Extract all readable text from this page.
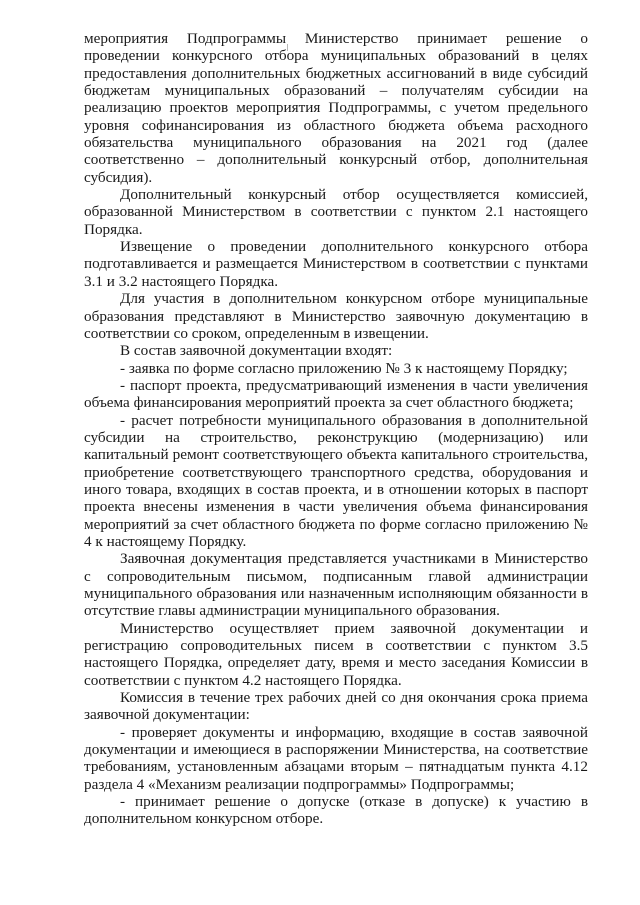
мероприятия Подпрограммы Министерство принимает решение о проведении конкурсного отбора муниципальных образований в целях предоставления дополнительных бюджетных ассигнований в виде субсидий бюджетам муниципальных образований – получателям субсидии на реализацию проектов мероприятия Подпрограммы, с учетом предельного уровня софинансирования из областного бюджета объема расходного обязательства муниципального образования на 2021 год (далее соответственно – дополнительный конкурсный отбор, дополнительная субсидия).

Дополнительный конкурсный отбор осуществляется комиссией, образованной Министерством в соответствии с пунктом 2.1 настоящего Порядка.

Извещение о проведении дополнительного конкурсного отбора подготавливается и размещается Министерством в соответствии с пунктами 3.1 и 3.2 настоящего Порядка.

Для участия в дополнительном конкурсном отборе муниципальные образования представляют в Министерство заявочную документацию в соответствии со сроком, определенным в извещении.

В состав заявочной документации входят:

- заявка по форме согласно приложению № 3 к настоящему Порядку;

- паспорт проекта, предусматривающий изменения в части увеличения объема финансирования мероприятий проекта за счет областного бюджета;

- расчет потребности муниципального образования в дополнительной субсидии на строительство, реконструкцию (модернизацию) или капитальный ремонт соответствующего объекта капитального строительства, приобретение соответствующего транспортного средства, оборудования и иного товара, входящих в состав проекта, и в отношении которых в паспорт проекта внесены изменения в части увеличения объема финансирования мероприятий за счет областного бюджета по форме согласно приложению № 4 к настоящему Порядку.

Заявочная документация представляется участниками в Министерство с сопроводительным письмом, подписанным главой администрации муниципального образования или назначенным исполняющим обязанности в отсутствие главы администрации муниципального образования.

Министерство осуществляет прием заявочной документации и регистрацию сопроводительных писем в соответствии с пунктом 3.5 настоящего Порядка, определяет дату, время и место заседания Комиссии в соответствии с пунктом 4.2 настоящего Порядка.

Комиссия в течение трех рабочих дней со дня окончания срока приема заявочной документации:

- проверяет документы и информацию, входящие в состав заявочной документации и имеющиеся в распоряжении Министерства, на соответствие требованиям, установленным абзацами вторым – пятнадцатым пункта 4.12 раздела 4 «Механизм реализации подпрограммы» Подпрограммы;

- принимает решение о допуске (отказе в допуске) к участию в дополнительном конкурсном отборе.
